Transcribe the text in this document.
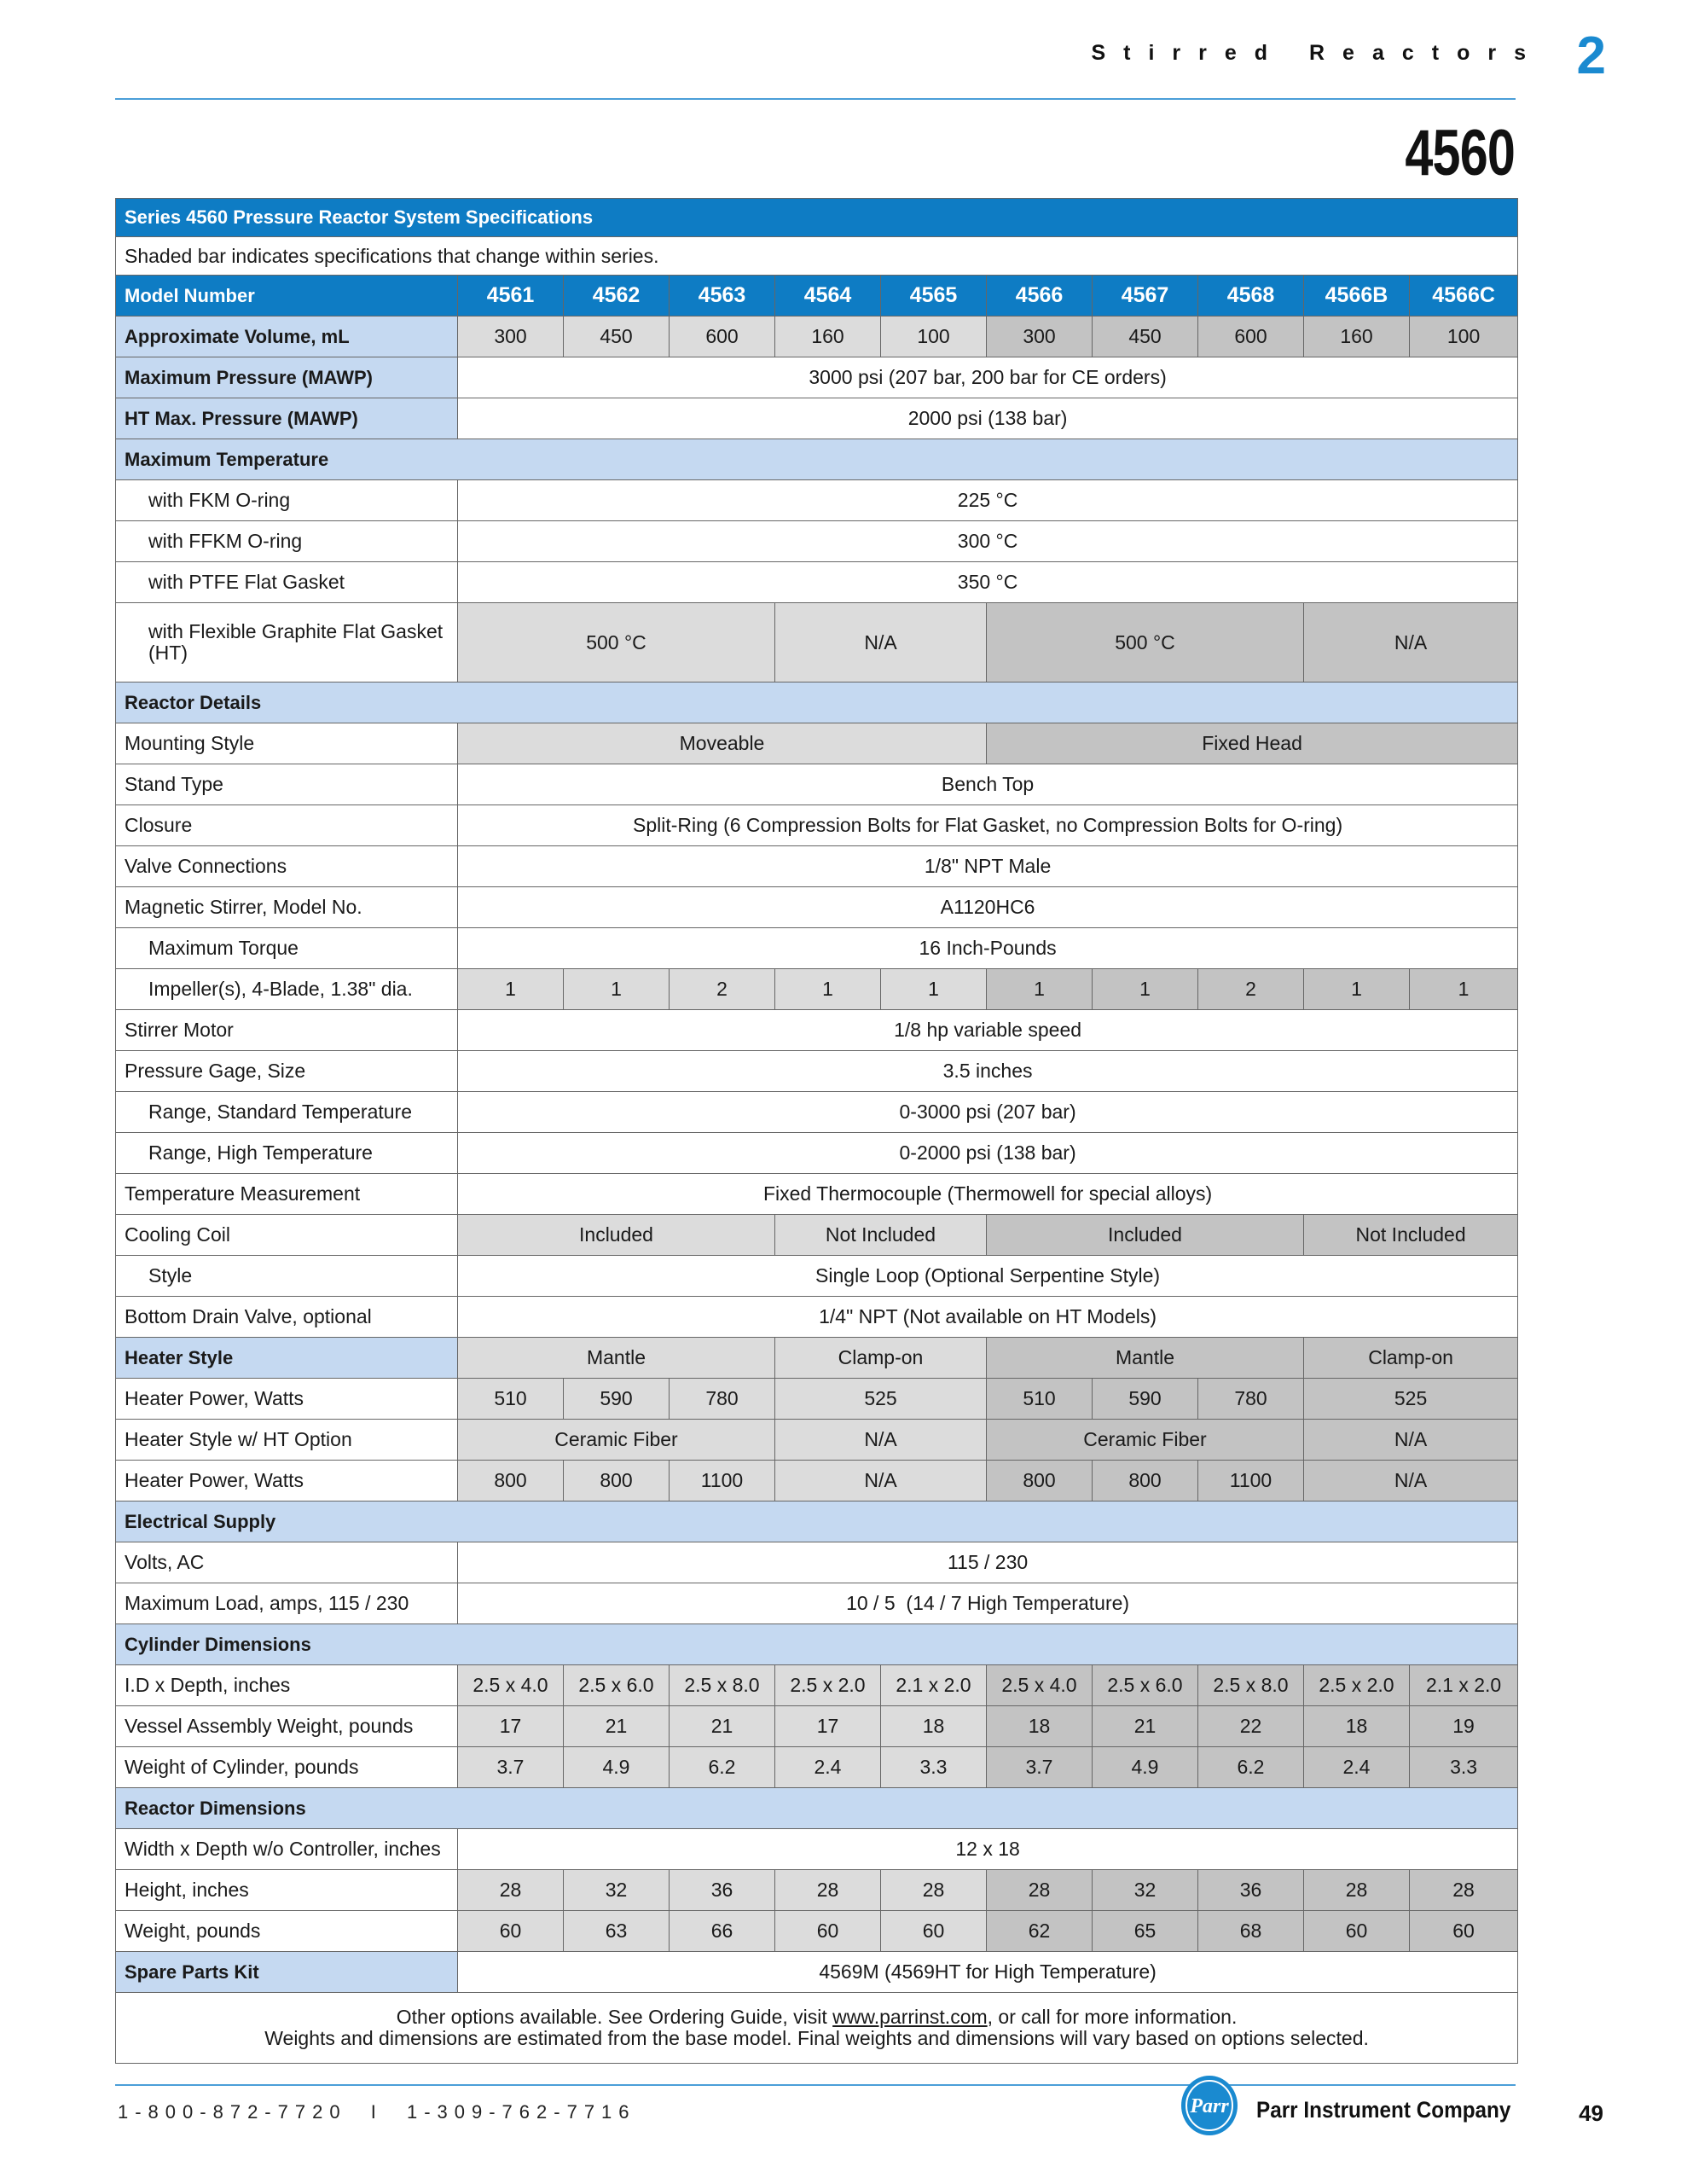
Stirred Reactors 2
4560
Series 4560 Pressure Reactor System Specifications										
Shaded bar indicates specifications that change within series.										
Model Number	4561	4562	4563	4564	4565	4566	4567	4568	4566B	4566C
Approximate Volume, mL	300	450	600	160	100	300	450	600	160	100
Maximum Pressure (MAWP)	3000 psi (207 bar, 200 bar for CE orders)									
HT Max. Pressure (MAWP)	2000 psi (138 bar)									
Maximum Temperature										
with FKM O-ring	225 °C									
with FFKM O-ring	300 °C									
with PTFE Flat Gasket	350 °C									
with Flexible Graphite Flat Gasket (HT)	500 °C			N/A		500 °C			N/A	
Reactor Details										
Mounting Style	Moveable					Fixed Head				
Stand Type	Bench Top									
Closure	Split-Ring (6 Compression Bolts for Flat Gasket, no Compression Bolts for O-ring)									
Valve Connections	1/8" NPT Male									
Magnetic Stirrer, Model No.	A1120HC6									
Maximum Torque	16 Inch-Pounds									
Impeller(s), 4-Blade, 1.38" dia.	1	1	2	1	1	1	1	2	1	1
Stirrer Motor	1/8 hp variable speed									
Pressure Gage, Size	3.5 inches									
Range, Standard Temperature	0-3000 psi (207 bar)									
Range, High Temperature	0-2000 psi (138 bar)									
Temperature Measurement	Fixed Thermocouple (Thermowell for special alloys)									
Cooling Coil	Included			Not Included		Included			Not Included	
Style	Single Loop (Optional Serpentine Style)									
Bottom Drain Valve, optional	1/4" NPT (Not available on HT Models)									
Heater Style	Mantle			Clamp-on		Mantle			Clamp-on	
Heater Power, Watts	510	590	780	525		510	590	780	525	
Heater Style w/ HT Option	Ceramic Fiber			N/A		Ceramic Fiber			N/A	
Heater Power, Watts	800	800	1100	N/A		800	800	1100	N/A	
Electrical Supply										
Volts, AC	115 / 230									
Maximum Load, amps, 115 / 230	10 / 5  (14 / 7 High Temperature)									
Cylinder Dimensions										
I.D x Depth, inches	2.5 x 4.0	2.5 x 6.0	2.5 x 8.0	2.5 x 2.0	2.1 x 2.0	2.5 x 4.0	2.5 x 6.0	2.5 x 8.0	2.5 x 2.0	2.1 x 2.0
Vessel Assembly Weight, pounds	17	21	21	17	18	18	21	22	18	19
Weight of Cylinder, pounds	3.7	4.9	6.2	2.4	3.3	3.7	4.9	6.2	2.4	3.3
Reactor Dimensions										
Width x Depth w/o Controller, inches	12 x 18									
Height, inches	28	32	36	28	28	28	32	36	28	28
Weight, pounds	60	63	66	60	60	62	65	68	60	60
Spare Parts Kit	4569M (4569HT for High Temperature)									
Other options available. See Ordering Guide, visit www.parrinst.com, or call for more information.
Weights and dimensions are estimated from the base model. Final weights and dimensions will vary based on options selected.										
1-800-872-7720 I 1-309-762-7716	Parr Parr Instrument Company	49
